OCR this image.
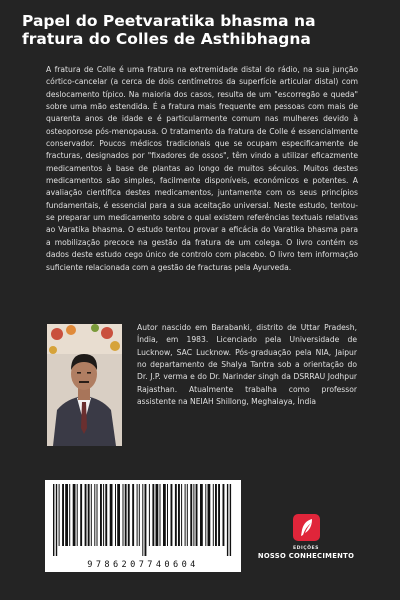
Papel do Peetvaratika bhasma na fratura do Colles de Asthibhagna

A fratura de Colle é uma fratura na extremidade distal do rádio, na sua junção córtico-cancelar (a cerca de dois centímetros da superfície articular distal) com deslocamento típico. Na maioria dos casos, resulta de um "escorregão e queda" sobre uma mão estendida. É a fratura mais frequente em pessoas com mais de quarenta anos de idade e é particularmente comum nas mulheres devido à osteoporose pós-menopausa. O tratamento da fratura de Colle é essencialmente conservador. Poucos médicos tradicionais que se ocupam especificamente de fracturas, designados por "fixadores de ossos", têm vindo a utilizar eficazmente medicamentos à base de plantas ao longo de muitos séculos. Muitos destes medicamentos são simples, facilmente disponíveis, económicos e potentes. A avaliação científica destes medicamentos, juntamente com os seus princípios fundamentais, é essencial para a sua aceitação universal. Neste estudo, tentou-se preparar um medicamento sobre o qual existem referências textuais relativas ao Varatika bhasma. O estudo tentou provar a eficácia do Varatika bhasma para a mobilização precoce na gestão da fratura de um colega. O livro contém os dados deste estudo cego único de controlo com placebo. O livro tem informação suficiente relacionada com a gestão de fracturas pela Ayurveda.

Autor nascido em Barabanki, distrito de Uttar Pradesh, Índia, em 1983. Licenciado pela Universidade de Lucknow, SAC Lucknow. Pós-graduação pela NIA, Jaipur no departamento de Shalya Tantra sob a orientação do Dr. J.P. verma e do Dr. Narinder singh da DSRRAU Jodhpur Rajasthan. Atualmente trabalha como professor assistente na NEIAH Shillong, Meghalaya, Índia

9786207740604
EDIÇÕES
NOSSO CONHECIMENTO
